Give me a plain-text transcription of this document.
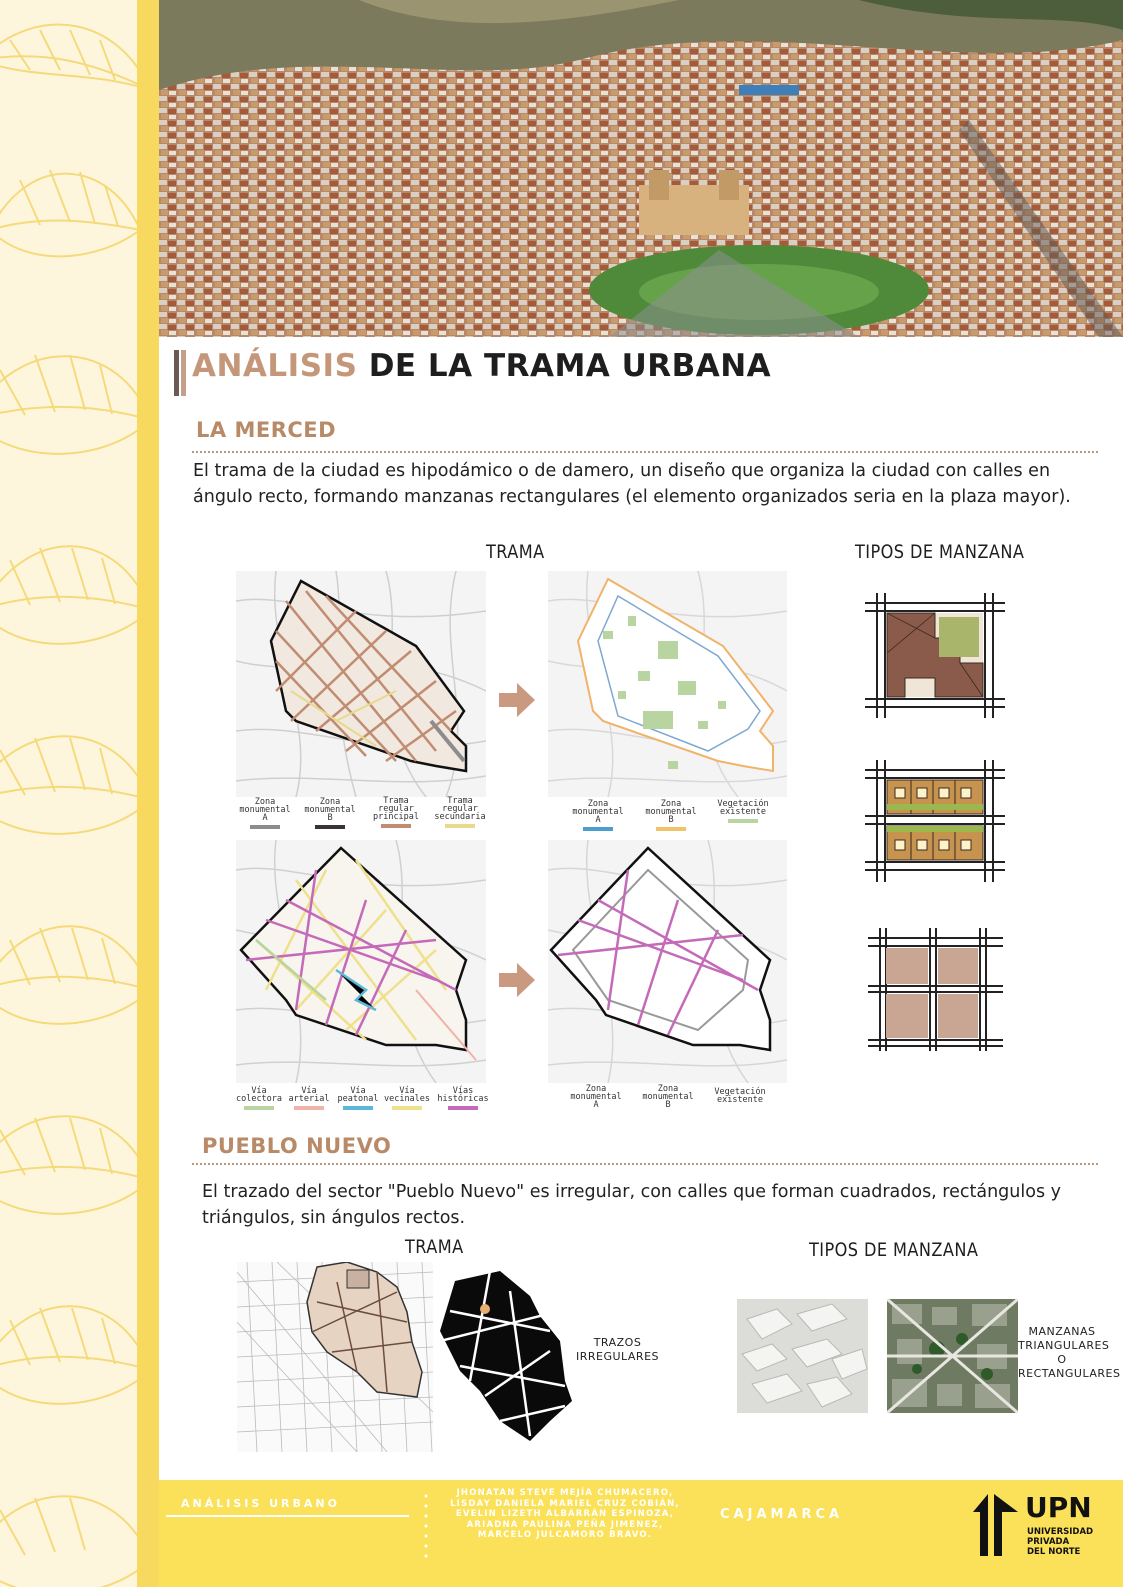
ANÁLISIS DE LA TRAMA URBANA
LA MERCED
El trama de la ciudad es hipodámico o de damero, un diseño que organiza la ciudad con calles en ángulo recto, formando manzanas rectangulares (el elemento organizados seria en la plaza mayor).
TRAMA	TIPOS DE MANZANA
Zona monumental A
Zona monumental B
Trama regular principal
Trama regular secundaria
Zona monumental A
Zona monumental B
Vegetación existente
Vía colectora
Vía arterial
Vía peatonal
Vía vecinales
Vías históricas
Zona monumental A
Zona monumental B
Vegetación existente
PUEBLO NUEVO
El trazado del sector "Pueblo Nuevo" es irregular, con calles que forman cuadrados, rectángulos y triángulos, sin ángulos rectos.
TRAMA	TIPOS DE MANZANA
TRAZOS IRREGULARES
MANZANAS TRIANGULARES O RECTANGULARES
ANÁLISIS URBANO
JHONATAN STEVE MEJÍA CHUMACERO,
LISDAY DANIELA MARIEL CRUZ COBIÁN,
EVELIN LIZETH ALBARRÁN ESPINOZA,
ARIADNA PAULINA PEÑA JIMENEZ,
MARCELO JULCAMORO BRAVO.
CAJAMARCA	UPN
UNIVERSIDAD
PRIVADA
DEL NORTE
